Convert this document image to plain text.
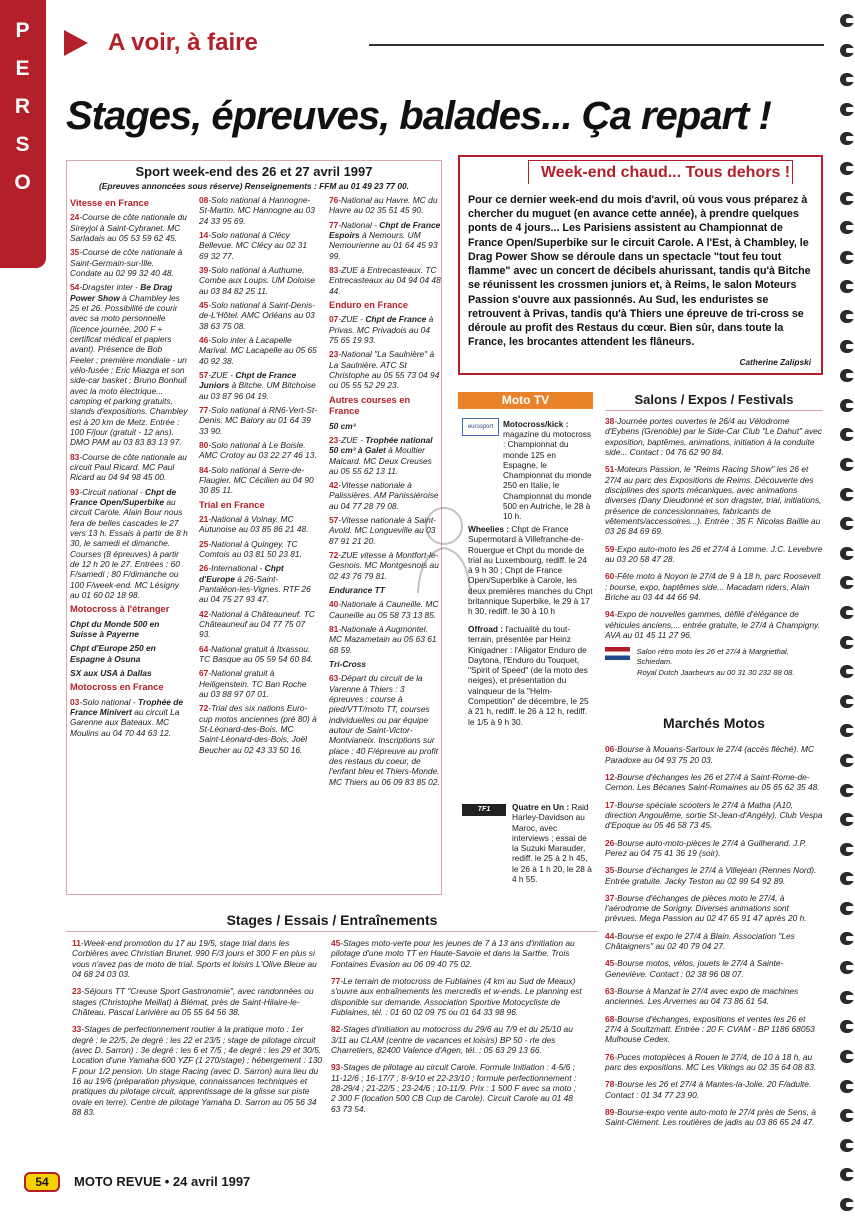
P
E
R
S
O
A voir, à faire
Stages, épreuves, balades... Ça repart !
Sport week-end des 26 et 27 avril 1997
(Epreuves annoncées sous réserve) Renseignements : FFM au 01 49 23 77 00.
Vitesse en France
24-Course de côte nationale du Sireyjol à Saint-Cybranet. MC Sarladais au 05 53 59 62 45.
35-Course de côte nationale à Saint-Germain-sur-Ille. Condate au 02 99 32 40 48.
54-Dragster inter - Be Drag Power Show à Chambley les 25 et 26. Possibilité de courir avec sa moto personnelle (licence journée, 200 F + certificat médical et papiers avant). Présence de Bob Feeler ; première mondiale - un vélo-fusée ; Eric Miazga et son side-car basket ; Bruno Bonhuil avec la moto électrique... camping et parking gratuits, stands d'expositions. Chambley est à 20 km de Metz. Entrée : 100 F/jour (gratuit - 12 ans). DMO PAM au 03 83 83 13 97.
83-Course de côte nationale au circuit Paul Ricard. MC Paul Ricard au 04 94 98 45 00.
93-Circuit national - Chpt de France Open/Superbike au circuit Carole. Alain Bour nous fera de belles cascades le 27 vers 13 h. Essais à partir de 8 h 30, le samedi et dimanche. Courses (8 épreuves) à partir de 12 h 20 le 27. Entrées : 60 F/samedi ; 80 F/dimanche ou 100 F/week-end. MC Lésigny au 01 60 02 18 98.
Motocross à l'étranger
Chpt du Monde 500 en Suisse à Payerne
Chpt d'Europe 250 en Espagne à Osuna
SX aux USA à Dallas
Motocross en France
03-Solo national - Trophée de France Minivert au circuit La Garenne aux Bateaux. MC Moulins au 04 70 44 63 12.
08-Solo national à Hannogne-St-Martin. MC Hannogne au 03 24 33 95 69.
14-Solo national à Clécy Bellevue. MC Clécy au 02 31 69 32 77.
39-Solo national à Authume, Combe aux Loups. UM Doloise au 03 84 82 25 11.
45-Solo national à Saint-Denis-de-L'Hôtel. AMC Orléans au 03 38 63 75 08.
46-Solo inter à Lacapelle Marival. MC Lacapelle au 05 65 40 92 38.
57-ZUE - Chpt de France Juniors à Bitche. UM Bitchoise au 03 87 96 04 19.
77-Solo national à RN6-Vert-St-Denis. MC Balory au 01 64 39 33 90.
80-Solo national à Le Boisle. AMC Crotoy au 03 22 27 46 13.
84-Solo national à Serre-de-Flaugier. MC Cécilien au 04 90 30 85 11.
Trial en France
21-National à Volnay. MC Autunoise au 03 85 86 21 48.
25-National à Quingey. TC Comtois au 03 81 50 23 81.
26-International - Chpt d'Europe à 26-Saint-Pantaléon-les-Vignes. RTF 26 au 04 75 27 93 47.
42-National à Châteauneuf. TC Châteauneuf au 04 77 75 07 93.
64-National gratuit à Itxassou. TC Basque au 05 59 54 60 84.
67-National gratuit à Heiligenstein. TC Ban Roche au 03 88 97 07 01.
72-Trial des six nations Euro-cup motos anciennes (pré 80) à St-Léonard-des-Bois. MC Saint-Léonard-des-Bois, Joël Beucher au 02 43 33 50 16.
76-National au Havre. MC du Havre au 02 35 51 45 90.
77-National - Chpt de France Espoirs à Nemours. UM Nemourienne au 01 64 45 93 99.
83-ZUE à Entrecasteaux. TC Entrecasteaux au 04 94 04 48 44.
Enduro en France
07-ZUE - Chpt de France à Privas. MC Privadois au 04 75 65 19 93.
23-National "La Saulnière" à La Saulnière. ATC St Christophe au 05 55 73 04 94 ou 05 55 52 29 23.
Autres courses en France
50 cm³
23-ZUE - Trophée national 50 cm³ à Galet à Moultier Malcard. MC Deux Creuses au 05 55 62 13 11.
42-Vitesse nationale à Palissières. AM Panissiéroise au 04 77 28 79 08.
57-Vitesse nationale à Saint-Avold. MC Longueville au 03 87 91 21 20.
72-ZUE vitesse à Montfort-le-Gesnois. MC Montgesnois au 02 43 76 79 81.
Endurance TT
40-Nationale à Cauneille. MC Cauneille au 05 58 73 13 85.
81-Nationale à Augmontel. MC Mazametain au 05 63 61 68 59.
Tri-Cross
63-Départ du circuit de la Varenne à Thiers : 3 épreuves : course à pied/VTT/moto TT, courses individuelles ou par équipe autour de Saint-Victor-Montvianeix. Inscriptions sur place : 40 F/épreuve au profit des restaus du coeur, de l'enfant bleu et Thiers-Monde. MC Thiers au 06 09 83 85 02.
Week-end chaud... Tous dehors !
Pour ce dernier week-end du mois d'avril, où vous vous préparez à chercher du muguet (en avance cette année), à prendre quelques ponts de 4 jours... Les Parisiens assistent au Championnat de France Open/Superbike sur le circuit Carole. A l'Est, à Chambley, le Drag Power Show se déroule dans un spectacle "tout feu tout flamme" avec un concert de décibels ahurissant, tandis qu'à Bitche se réunissent les crossmen juniors et, à Reims, le salon Moteurs Passion s'ouvre aux passionnés. Au Sud, les enduristes se retrouvent à Privas, tandis qu'à Thiers une épreuve de tri-cross se déroule au profit des Restaus du cœur. Bien sûr, dans toute la France, les brocantes attendent les flâneurs.
Catherine Zalipski
Moto TV
eurosport	Motocross/kick :
magazine du motocross : Championnat du monde 125 en Espagne, le Championnat du monde 250 en Italie, le Championnat du monde 500 en Autriche, le 28 à 10 h.
Wheelies : Chpt de France Supermotard à Villefranche-de-Rouergue et Chpt du monde de trial au Luxembourg, rediff. le 24 à 9 h 30 ; Chpt de France Open/Superbike à Carole, les deux premières manches du Chpt britannique Superbike, le 29 à 17 h 30, rediff. le 30 à 10 h
Offroad : l'actualité du tout-terrain, présentée par Heinz Kinigadner : l'Aligator Enduro de Daytona, l'Enduro du Touquet, "Spirit of Speed" (de la moto des neiges), et présentation du vainqueur de la "Helm-Competition" de décembre, le 25 à 21 h, rediff. le 26 à 12 h, rediff. le 1/5 à 9 h 30.
TF1	Quatre en Un : Raid Harley-Davidson au Maroc, avec interviews ; essai de la Suzuki Marauder, rediff. le 25 à 2 h 45, le 26 à 1 h 20, le 28 à 4 h 55.
Salons / Expos / Festivals
38-Journée portes ouvertes le 26/4 au Vélodrome d'Eybens (Grenoble) par le Side-Car Club "Le Dahut" avec exposition, baptêmes, animations, initiation à la conduite side... Contact : 04 76 62 90 84.
51-Moteurs Passion, le "Reims Racing Show" les 26 et 27/4 au parc des Expositions de Reims. Découverte des disciplines des sports mécaniques, avec animations diverses (Dany Dieudonné et son dragster, trial, initiations, présence de concessionnaires, fabricants de vêtements/accessoires...). Entrée : 35 F. Nicolas Baillie au 03 26 84 69 69.
59-Expo auto-moto les 26 et 27/4 à Lomme. J.C. Levebvre au 03 20 58 47 28.
60-Fête moto à Noyon le 27/4 de 9 à 18 h, parc Roosevelt : bourse, expo, baptêmes side... Macadam riders, Alain Briche au 03 44 44 66 94.
94-Expo de nouvelles gammes, défilé d'élégance de véhicules anciens,... entrée gratuite, le 27/4 à Champigny. AVA au 01 45 11 27 96.
Salon rétro moto les 26 et 27/4 à Margriethal, Schiedam.
Royal Dutch Jaarbeurs au 00 31 30 232 88 08.
Marchés Motos
06-Bourse à Mouans-Sartoux le 27/4 (accès fléché). MC Paradoxe au 04 93 75 20 03.
12-Bourse d'échanges les 26 et 27/4 à Saint-Rome-de-Cernon. Les Bécanes Saint-Romaines au 05 65 62 35 48.
17-Bourse spéciale scooters le 27/4 à Matha (A10, direction Angoulême, sortie St-Jean-d'Angély). Club Vespa d'Epoque au 05 46 58 73 45.
26-Bourse auto-moto-pièces le 27/4 à Guilherand. J.P. Perez au 04 75 41 36 19 (soir).
35-Bourse d'échanges le 27/4 à Villejean (Rennes Nord). Entrée gratuite. Jacky Teston au 02 99 54 92 89.
37-Bourse d'échanges de pièces moto le 27/4, à l'aérodrome de Sorigny. Diverses animations sont prévues. Mega Passion au 02 47 65 91 47 après 20 h.
44-Bourse et expo le 27/4 à Blain. Association "Les Châtaigners" au 02 40 79 04 27.
45-Bourse motos, vélos, jouets le 27/4 à Sainte-Geneviève. Contact : 02 38 96 08 07.
63-Bourse à Manzat le 27/4 avec expo de machines anciennes. Les Arvernes au 04 73 86 61 54.
68-Bourse d'échanges, expositions et ventes les 26 et 27/4 à Soultzmatt. Entrée : 20 F. CVAM - BP 1186 68053 Mulhouse Cedex.
76-Puces motopièces à Rouen le 27/4, de 10 à 18 h, au parc des expositions. MC Les Vikings au 02 35 64 08 83.
78-Bourse les 26 et 27/4 à Mantes-la-Jolie. 20 F/adulte. Contact : 01 34 77 23 90.
89-Bourse-expo vente auto-moto le 27/4 près de Sens, à Saint-Clément. Les routières de jadis au 03 86 65 24 47.
Stages / Essais / Entraînements
11-Week-end promotion du 17 au 19/5, stage trial dans les Corbières avec Christian Brunet. 990 F/3 jours et 300 F en plus si vous n'avez pas de moto de trial. Sports et loisirs L'Olive Bleue au 04 68 24 03 03.
23-Séjours TT "Creuse Sport Gastronomie", avec randonnées ou stages (Christophe Meillat) à Blémat, près de Saint-Hilaire-le-Château. Pascal Larivière au 05 55 64 56 38.
33-Stages de perfectionnement routier à la pratique moto : 1er degré : le 22/5, 2e degré : les 22 et 23/5 ; stage de pilotage circuit (avec D. Sarron) : 3e degré : les 6 et 7/5 ; 4e degré : les 29 et 30/5. Location d'une Yamaha 600 YZF (1 270/stage) ; hébergement : 130 F pour 1/2 pension. Un stage Racing (avec D. Sarron) aura lieu du 16 au 19/6 (préparation physique, connaissances techniques et pratiques du pilotage circuit, apprentissage de la glisse sur piste ovale en terre). Centre de pilotage Yamaha D. Sarron au 05 56 34 88 83.
45-Stages moto-verte pour les jeunes de 7 à 13 ans d'initiation au pilotage d'une moto TT en Haute-Savoie et dans la Sarthe. Trois Fontaines Evasion au 06 09 40 75 02.
77-Le terrain de motocross de Fublaines (4 km au Sud de Meaux) s'ouvre aux entraînements les mercredis et w-ends. Le planning est disponible sur demande. Association Sportive Motocycliste de Fublaines, tél. : 01 60 02 09 75 ou 01 64 33 98 96.
82-Stages d'initiation au motocross du 29/6 au 7/9 et du 25/10 au 3/11 au CLAM (centre de vacances et loisirs) BP 50 - rte des Charretiers, 82400 Valence d'Agen, tél. : 05 63 29 13 66.
93-Stages de pilotage au circuit Carole. Formule Initiation : 4-5/6 ; 11-12/6 ; 16-17/7 ; 8-9/10 et 22-23/10 ; formule perfectionnement : 28-29/4 ; 21-22/5 ; 23-24/6 ; 10-11/9. Prix : 1 500 F avec sa moto ; 2 300 F (location 500 CB Cup de Carole). Circuit Carole au 01 48 63 73 54.
54	MOTO REVUE • 24 avril 1997
